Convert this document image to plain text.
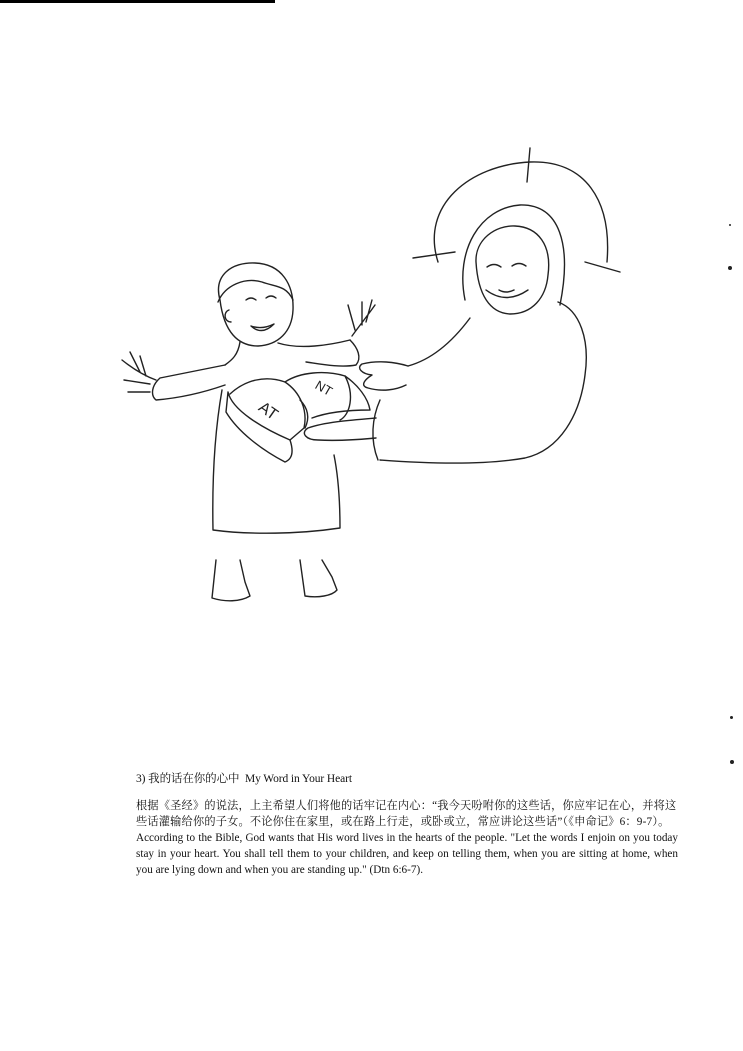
AT
NT
3) 我的话在你的心中 My Word in Your Heart

根据《圣经》的说法，上主希望人们将他的话牢记在内心：“我今天吩咐你的这些话，你应牢记在心，并将这些话灌输给你的子女。不论你住在家里，或在路上行走，或卧或立，常应讲论这些话”（《申命记》6：9-7）。

According to the Bible, God wants that His word lives in the hearts of the people. "Let the words I enjoin on you today stay in your heart. You shall tell them to your children, and keep on telling them, when you are sitting at home, when you are lying down and when you are standing up." (Dtn 6:6-7).
